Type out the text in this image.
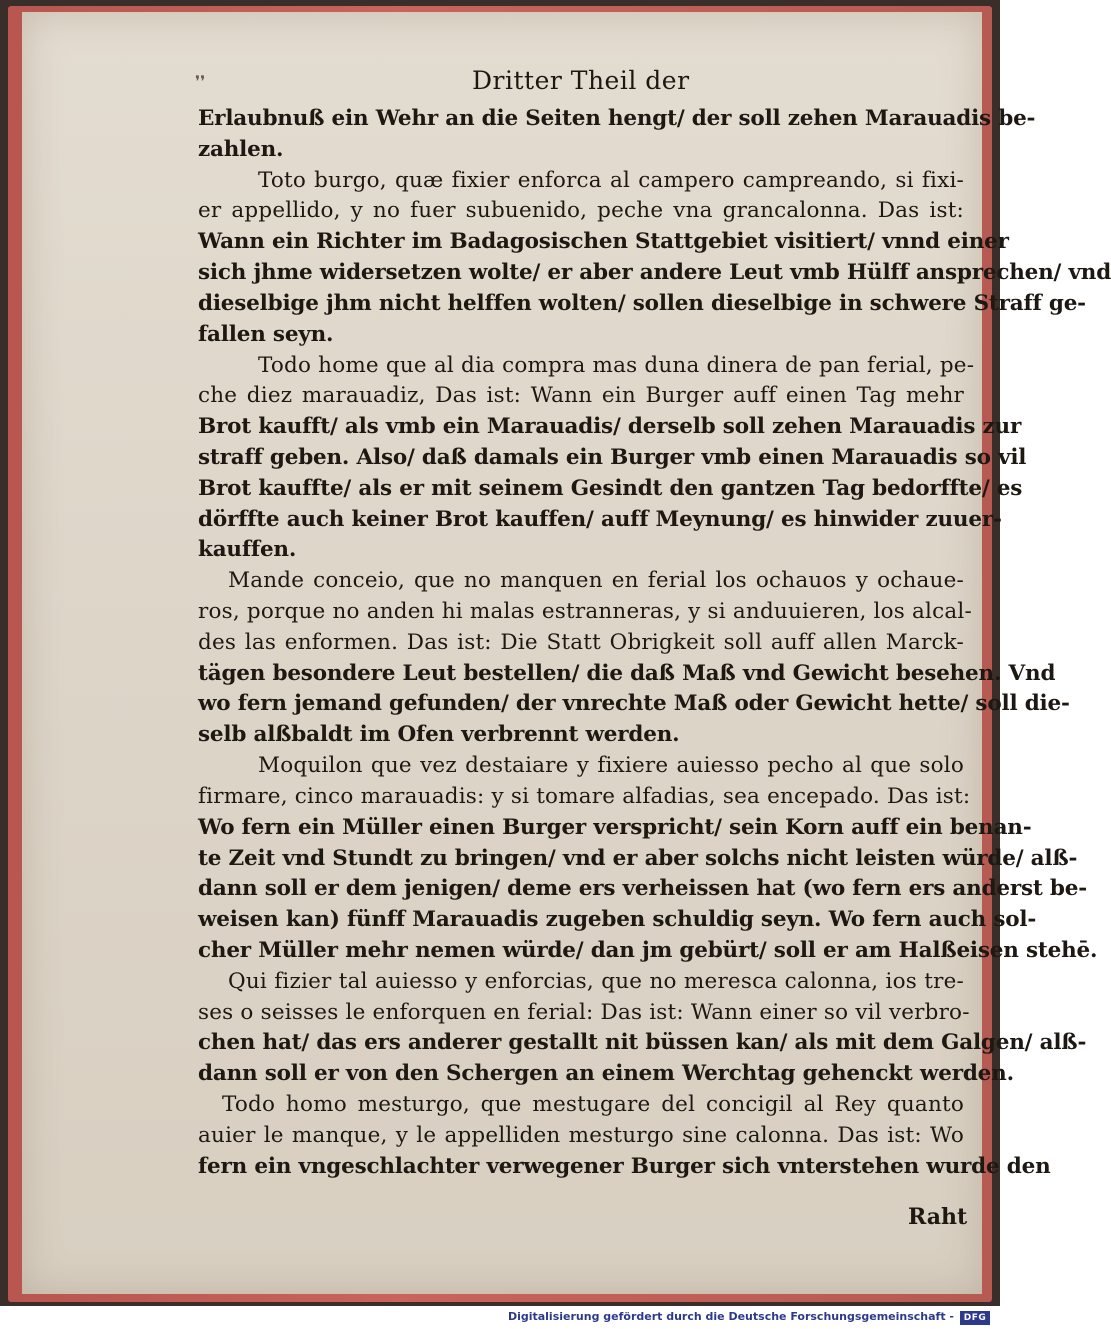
❜❜	Dritter Theil der
Erlaubnuß ein Wehr an die Seiten hengt/ der soll zehen Marauadis be-
zahlen.
Toto burgo, quæ fixier enforca al campero campreando, si fixi-
er appellido, y no fuer subuenido, peche vna grancalonna. Das ist:
Wann ein Richter im Badagosischen Stattgebiet visitiert/ vnnd einer
sich jhme widersetzen wolte/ er aber andere Leut vmb Hülff ansprechen/ vnd
dieselbige jhm nicht helffen wolten/ sollen dieselbige in schwere Straff ge-
fallen seyn.
Todo home que al dia compra mas duna dinera de pan ferial, pe-
che diez marauadiz, Das ist: Wann ein Burger auff einen Tag mehr
Brot kaufft/ als vmb ein Marauadis/ derselb soll zehen Marauadis zur
straff geben. Also/ daß damals ein Burger vmb einen Marauadis so vil
Brot kauffte/ als er mit seinem Gesindt den gantzen Tag bedorffte/ es
dörffte auch keiner Brot kauffen/ auff Meynung/ es hinwider zuuer-
kauffen.
Mande conceio, que no manquen en ferial los ochauos y ochaue-
ros, porque no anden hi malas estranneras, y si anduuieren, los alcal-
des las enformen. Das ist: Die Statt Obrigkeit soll auff allen Marck-
tägen besondere Leut bestellen/ die daß Maß vnd Gewicht besehen. Vnd
wo fern jemand gefunden/ der vnrechte Maß oder Gewicht hette/ soll die-
selb alßbaldt im Ofen verbrennt werden.
Moquilon que vez destaiare y fixiere auiesso pecho al que solo
firmare, cinco marauadis: y si tomare alfadias, sea encepado. Das ist:
Wo fern ein Müller einen Burger verspricht/ sein Korn auff ein benan-
te Zeit vnd Stundt zu bringen/ vnd er aber solchs nicht leisten würde/ alß-
dann soll er dem jenigen/ deme ers verheissen hat (wo fern ers anderst be-
weisen kan) fünff Marauadis zugeben schuldig seyn. Wo fern auch sol-
cher Müller mehr nemen würde/ dan jm gebürt/ soll er am Halßeisen stehē.
Qui fizier tal auiesso y enforcias, que no meresca calonna, ios tre-
ses o seisses le enforquen en ferial: Das ist: Wann einer so vil verbro-
chen hat/ das ers anderer gestallt nit büssen kan/ als mit dem Galgen/ alß-
dann soll er von den Schergen an einem Werchtag gehenckt werden.
Todo homo mesturgo, que mestugare del concigil al Rey quanto
auier le manque, y le appelliden mesturgo sine calonna. Das ist: Wo
fern ein vngeschlachter verwegener Burger sich vnterstehen wurde den
Raht
Digitalisierung gefördert durch die Deutsche Forschungsgemeinschaft -	DFG
